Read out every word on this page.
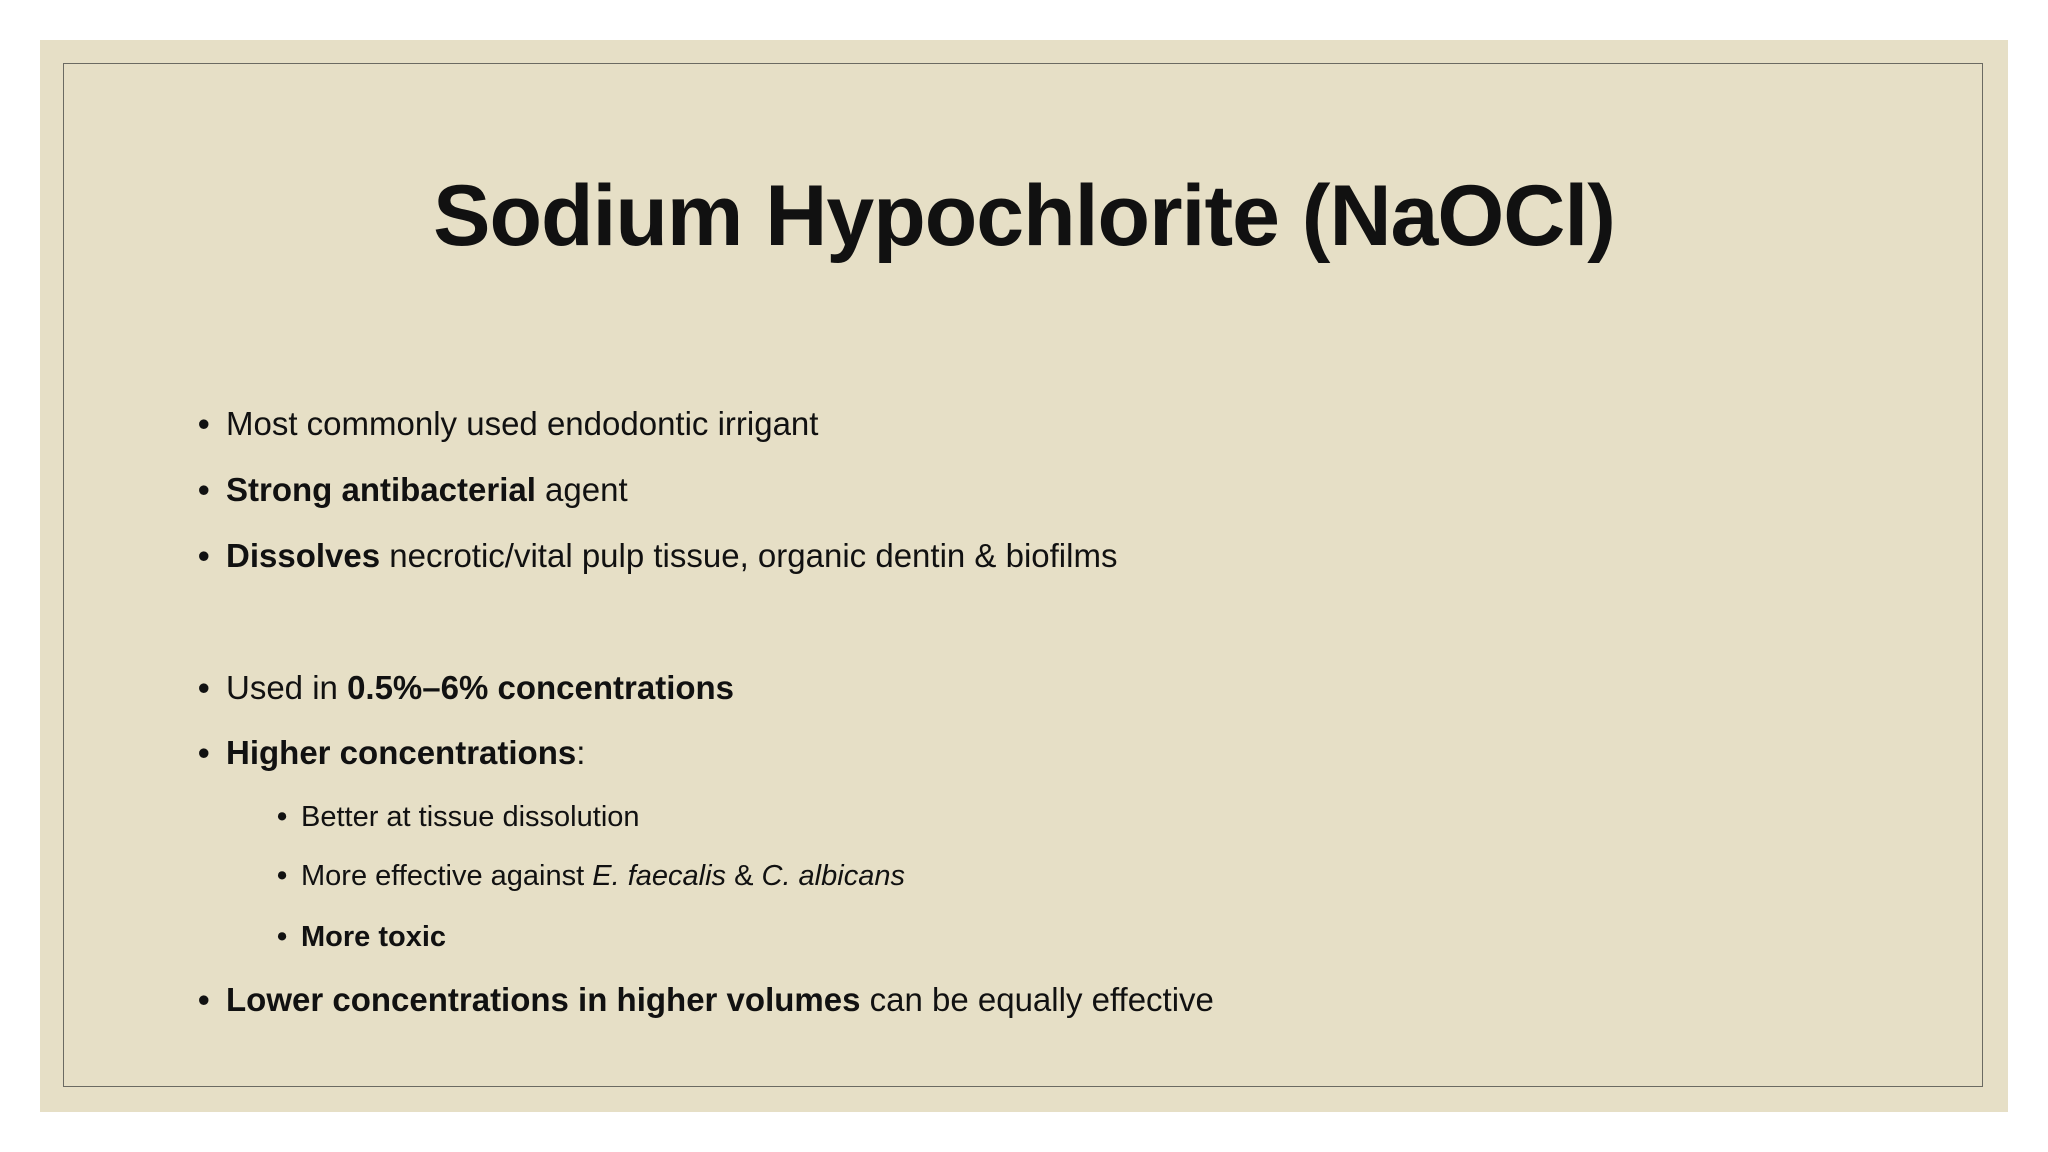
Sodium Hypochlorite (NaOCl)
• Most commonly used endodontic irrigant
• Strong antibacterial agent
• Dissolves necrotic/vital pulp tissue, organic dentin & biofilms
• Used in 0.5%–6% concentrations
• Higher concentrations:
• Better at tissue dissolution
• More effective against E. faecalis & C. albicans
• More toxic
• Lower concentrations in higher volumes can be equally effective
